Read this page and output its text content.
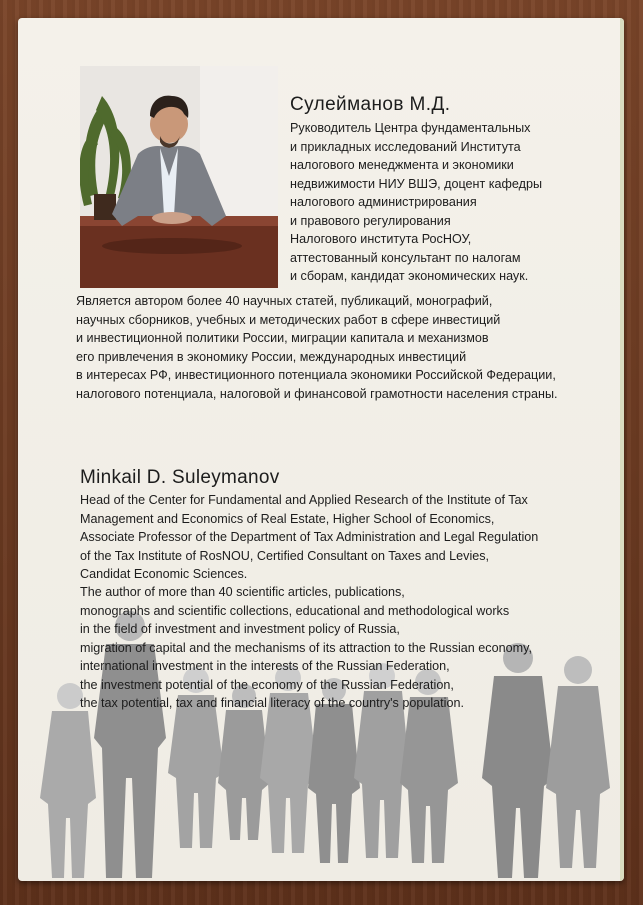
Сулейманов М.Д.

Руководитель Центра фундаментальных
и прикладных исследований Института
налогового менеджмента и экономики
недвижимости НИУ ВШЭ, доцент кафедры
налогового администрирования
и правового регулирования
Налогового института РосНОУ,
аттестованный консультант по налогам
и сборам, кандидат экономических наук.

Является автором более 40 научных статей, публикаций, монографий,
научных сборников, учебных и методических работ в сфере инвестиций
и инвестиционной политики России, миграции капитала и механизмов
его привлечения в экономику России, международных инвестиций
в интересах РФ, инвестиционного потенциала экономики Российской Федерации,
налогового потенциала, налоговой и финансовой грамотности населения страны.

Minkail D. Suleymanov

Head of the Center for Fundamental and Applied Research of the Institute of Tax
Management and Economics of Real Estate, Higher School of Economics,
Associate Professor of the Department of Tax Administration and Legal Regulation
of the Tax Institute of RosNOU, Certified Consultant on Taxes and Levies,
Candidat Economic Sciences.

The author of more than 40 scientific articles, publications,
monographs and scientific collections, educational and methodological works
in the field of investment and investment policy of Russia,
migration of capital and the mechanisms of its attraction to the Russian economy,
international investment in the interests of the Russian Federation,
the investment potential of the economy of the Russian Federation,
the tax potential, tax and financial literacy of the country's population.
